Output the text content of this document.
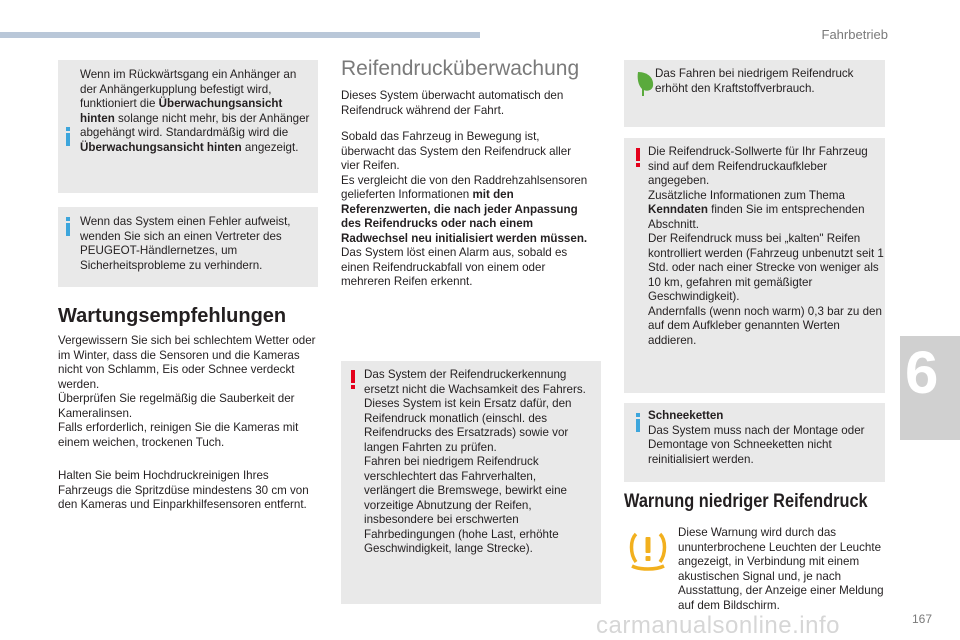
Fahrbetrieb
6
Wenn im Rückwärtsgang ein Anhänger an der Anhängerkupplung befestigt wird, funktioniert die Überwachungsansicht hinten solange nicht mehr, bis der Anhänger abgehängt wird. Standardmäßig wird die Überwachungsansicht hinten angezeigt.
Wenn das System einen Fehler aufweist, wenden Sie sich an einen Vertreter des PEUGEOT-Händlernetzes, um Sicherheitsprobleme zu verhindern.
Wartungsempfehlungen
Vergewissern Sie sich bei schlechtem Wetter oder im Winter, dass die Sensoren und die Kameras nicht von Schlamm, Eis oder Schnee verdeckt werden.
Überprüfen Sie regelmäßig die Sauberkeit der Kameralinsen.
Falls erforderlich, reinigen Sie die Kameras mit einem weichen, trockenen Tuch.
Halten Sie beim Hochdruckreinigen Ihres Fahrzeugs die Spritzdüse mindestens 30 cm von den Kameras und Einparkhilfesensoren entfernt.
Reifendrucküberwachung
Dieses System überwacht automatisch den Reifendruck während der Fahrt.
Sobald das Fahrzeug in Bewegung ist, überwacht das System den Reifendruck aller vier Reifen.
Es vergleicht die von den Raddrehzahlsensoren gelieferten Informationen mit den Referenzwerten, die nach jeder Anpassung des Reifendrucks oder nach einem Radwechsel neu initialisiert werden müssen.
Das System löst einen Alarm aus, sobald es einen Reifendruckabfall von einem oder mehreren Reifen erkennt.
Das System der Reifendruckerkennung ersetzt nicht die Wachsamkeit des Fahrers.
Dieses System ist kein Ersatz dafür, den Reifendruck monatlich (einschl. des Reifendrucks des Ersatzrads) sowie vor langen Fahrten zu prüfen.
Fahren bei niedrigem Reifendruck verschlechtert das Fahrverhalten, verlängert die Bremswege, bewirkt eine vorzeitige Abnutzung der Reifen, insbesondere bei erschwerten Fahrbedingungen (hohe Last, erhöhte Geschwindigkeit, lange Strecke).
Das Fahren bei niedrigem Reifendruck erhöht den Kraftstoffverbrauch.
Die Reifendruck-Sollwerte für Ihr Fahrzeug sind auf dem Reifendruckaufkleber angegeben.
Zusätzliche Informationen zum Thema Kenndaten finden Sie im entsprechenden Abschnitt.
Der Reifendruck muss bei „kalten" Reifen kontrolliert werden (Fahrzeug unbenutzt seit 1 Std. oder nach einer Strecke von weniger als 10 km, gefahren mit gemäßigter Geschwindigkeit).
Andernfalls (wenn noch warm) 0,3 bar zu den auf dem Aufkleber genannten Werten addieren.
Schneeketten
Das System muss nach der Montage oder Demontage von Schneeketten nicht reinitialisiert werden.
Warnung niedriger Reifendruck
Diese Warnung wird durch das ununterbrochene Leuchten der Leuchte angezeigt, in Verbindung mit einem akustischen Signal und, je nach Ausstattung, der Anzeige einer Meldung auf dem Bildschirm.
carmanualsonline.info	167
